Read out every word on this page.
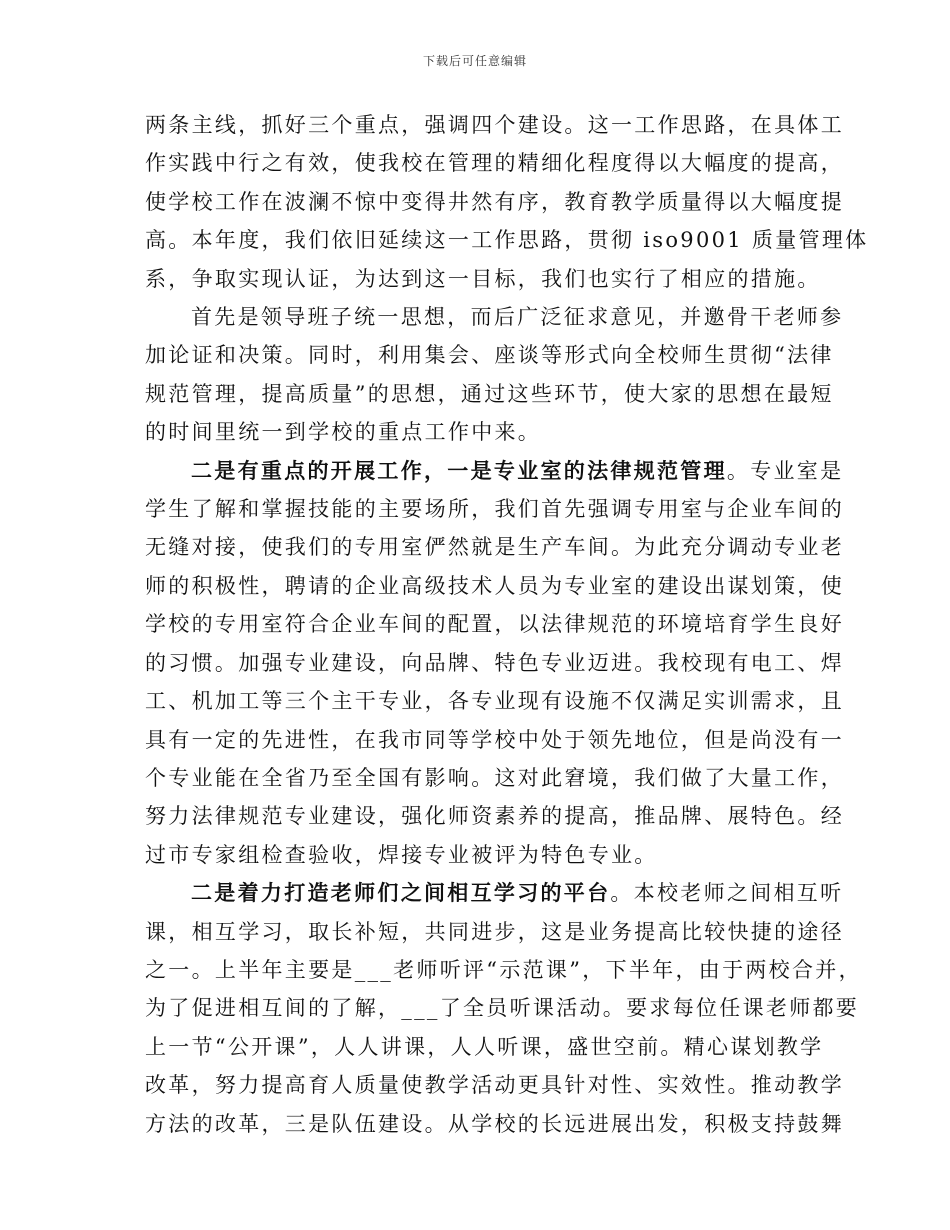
下载后可任意编辑
两条主线，抓好三个重点，强调四个建设。这一工作思路，在具体工
作实践中行之有效，使我校在管理的精细化程度得以大幅度的提高，
使学校工作在波澜不惊中变得井然有序，教育教学质量得以大幅度提
高。本年度，我们依旧延续这一工作思路，贯彻 iso9001 质量管理体
系，争取实现认证，为达到这一目标，我们也实行了相应的措施。
首先是领导班子统一思想，而后广泛征求意见，并邀骨干老师参
加论证和决策。同时，利用集会、座谈等形式向全校师生贯彻“法律
规范管理，提高质量”的思想，通过这些环节，使大家的思想在最短
的时间里统一到学校的重点工作中来。
二是有重点的开展工作，一是专业室的法律规范管理。专业室是
学生了解和掌握技能的主要场所，我们首先强调专用室与企业车间的
无缝对接，使我们的专用室俨然就是生产车间。为此充分调动专业老
师的积极性，聘请的企业高级技术人员为专业室的建设出谋划策，使
学校的专用室符合企业车间的配置，以法律规范的环境培育学生良好
的习惯。加强专业建设，向品牌、特色专业迈进。我校现有电工、焊
工、机加工等三个主干专业，各专业现有设施不仅满足实训需求，且
具有一定的先进性，在我市同等学校中处于领先地位，但是尚没有一
个专业能在全省乃至全国有影响。这对此窘境，我们做了大量工作，
努力法律规范专业建设，强化师资素养的提高，推品牌、展特色。经
过市专家组检查验收，焊接专业被评为特色专业。
二是着力打造老师们之间相互学习的平台。本校老师之间相互听
课，相互学习，取长补短，共同进步，这是业务提高比较快捷的途径
之一。上半年主要是___老师听评“示范课”，下半年，由于两校合并，
为了促进相互间的了解，___了全员听课活动。要求每位任课老师都要
上一节“公开课”，人人讲课，人人听课，盛世空前。精心谋划教学
改革，努力提高育人质量使教学活动更具针对性、实效性。推动教学
方法的改革，三是队伍建设。从学校的长远进展出发，积极支持鼓舞
